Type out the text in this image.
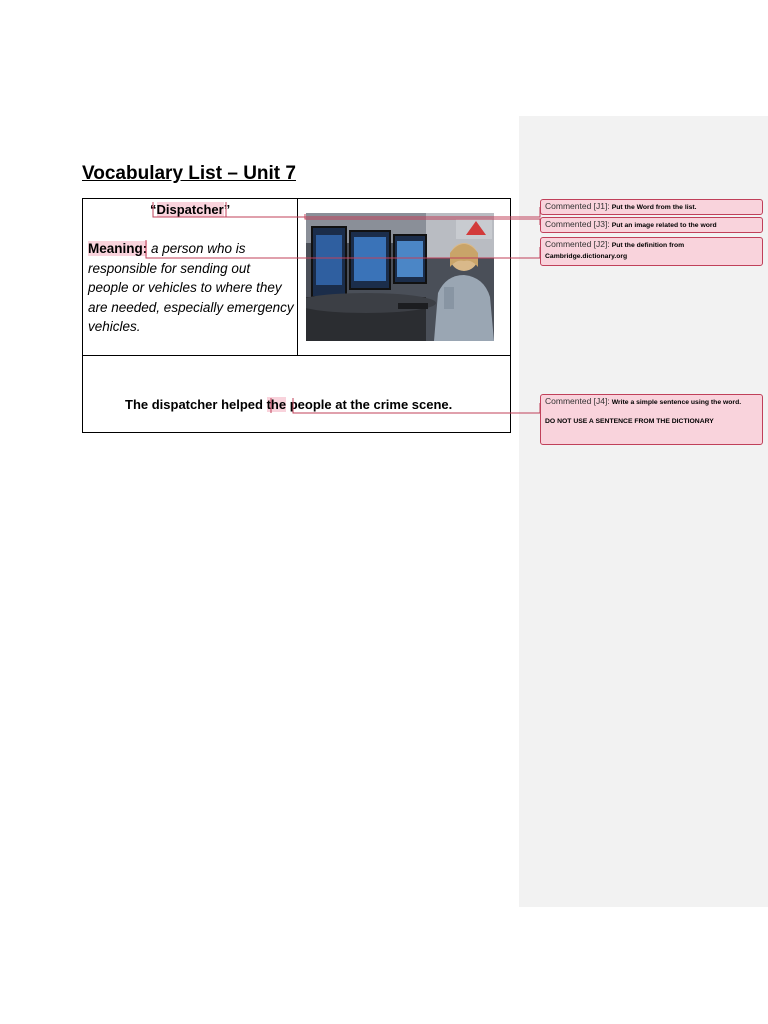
Vocabulary List – Unit 7
“Dispatcher”
Meaning: a person who is responsible for sending out people or vehicles to where they are needed, especially emergency vehicles.
The dispatcher helped the people at the crime scene.
Commented [J1]: Put the Word from the list.
Commented [J3]: Put an image related to the word
Commented [J2]: Put the definition from Cambridge.dictionary.org
Commented [J4]: Write a simple sentence using the word.
DO NOT USE A SENTENCE FROM THE DICTIONARY
